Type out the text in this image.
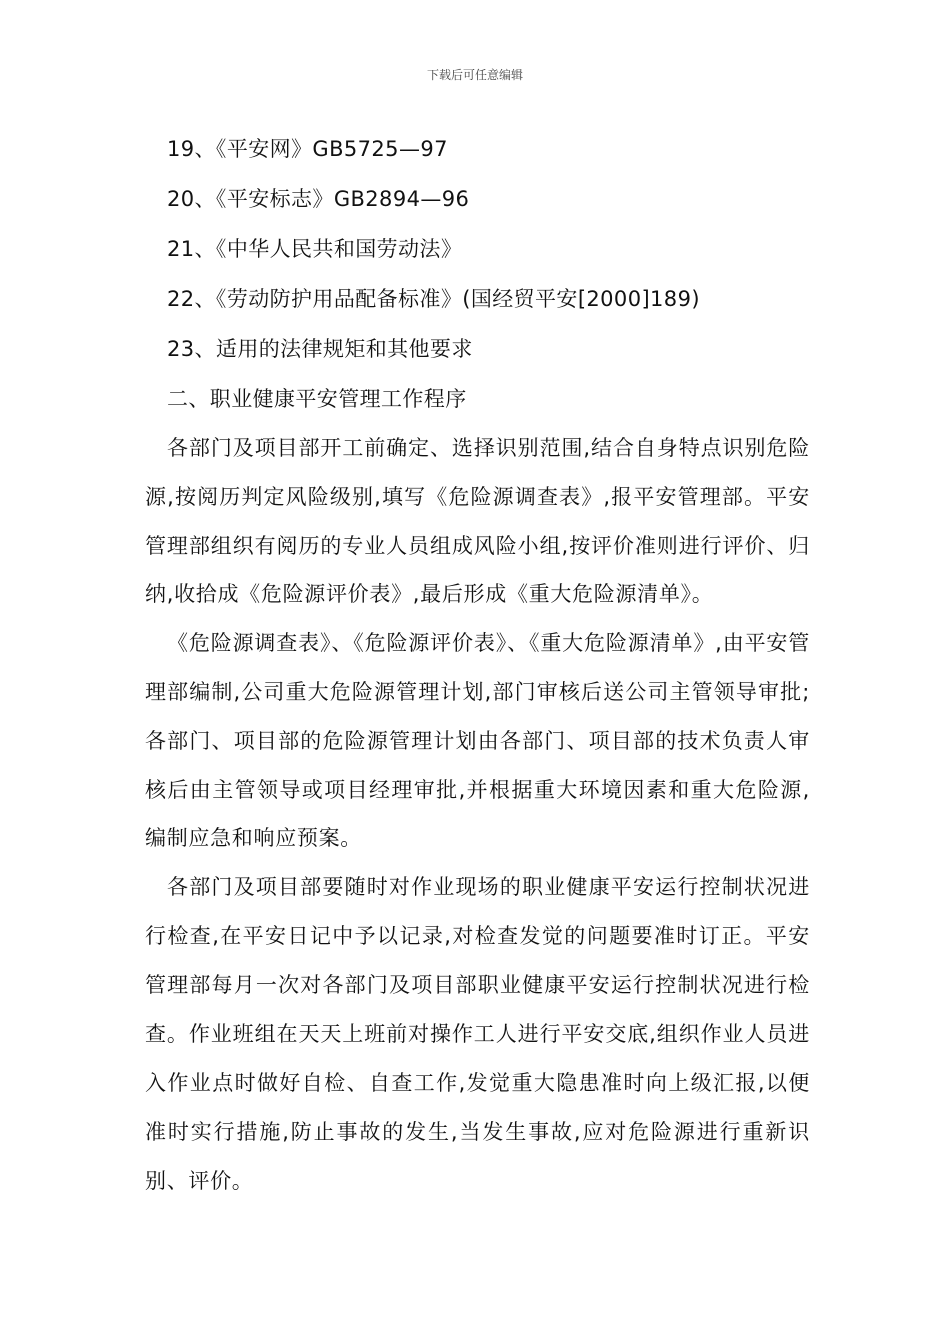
下载后可任意编辑
19、《平安网》GB5725—97
20、《平安标志》GB2894—96
21、《中华人民共和国劳动法》
22、《劳动防护用品配备标准》(国经贸平安[2000]189)
23、适用的法律规矩和其他要求
二、职业健康平安管理工作程序

各部门及项目部开工前确定、选择识别范围,结合自身特点识别危险源,按阅历判定风险级别,填写《危险源调查表》,报平安管理部。平安管理部组织有阅历的专业人员组成风险小组,按评价准则进行评价、归纳,收拾成《危险源评价表》,最后形成《重大危险源清单》。

《危险源调查表》、《危险源评价表》、《重大危险源清单》,由平安管理部编制,公司重大危险源管理计划,部门审核后送公司主管领导审批;各部门、项目部的危险源管理计划由各部门、项目部的技术负责人审核后由主管领导或项目经理审批,并根据重大环境因素和重大危险源,编制应急和响应预案。

各部门及项目部要随时对作业现场的职业健康平安运行控制状况进行检查,在平安日记中予以记录,对检查发觉的问题要准时订正。平安管理部每月一次对各部门及项目部职业健康平安运行控制状况进行检查。作业班组在天天上班前对操作工人进行平安交底,组织作业人员进入作业点时做好自检、自查工作,发觉重大隐患准时向上级汇报,以便准时实行措施,防止事故的发生,当发生事故,应对危险源进行重新识别、评价。
